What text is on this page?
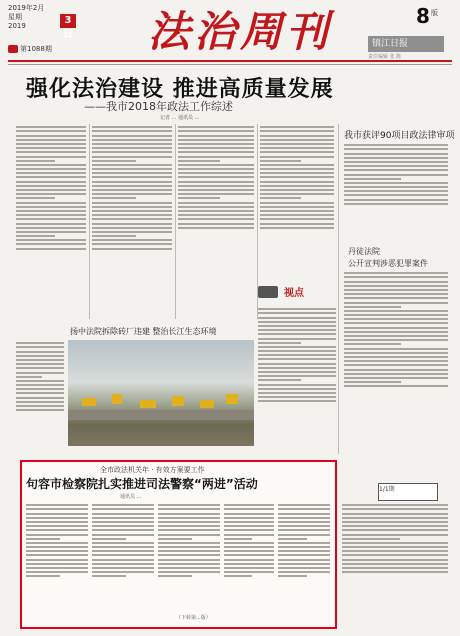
2019年2月
星期
2019	3日
第1088期 法治周刊	8 版
镇江日报
责任编辑 张 陈
强化法治建设 推进高质量发展
——我市2018年政法工作综述
记者 ... 通讯员 ...
我市获评90项目政法律审项
丹徒法院
公开宣判涉恶犯罪案件
视点
扬中法院拆除砖厂违建 整治长江生态环境
1/1期
全市政法机关年 · 有效方案要工作
句容市检察院扎实推进司法警察“两进”活动
通讯员 ...
（下转第...版）
